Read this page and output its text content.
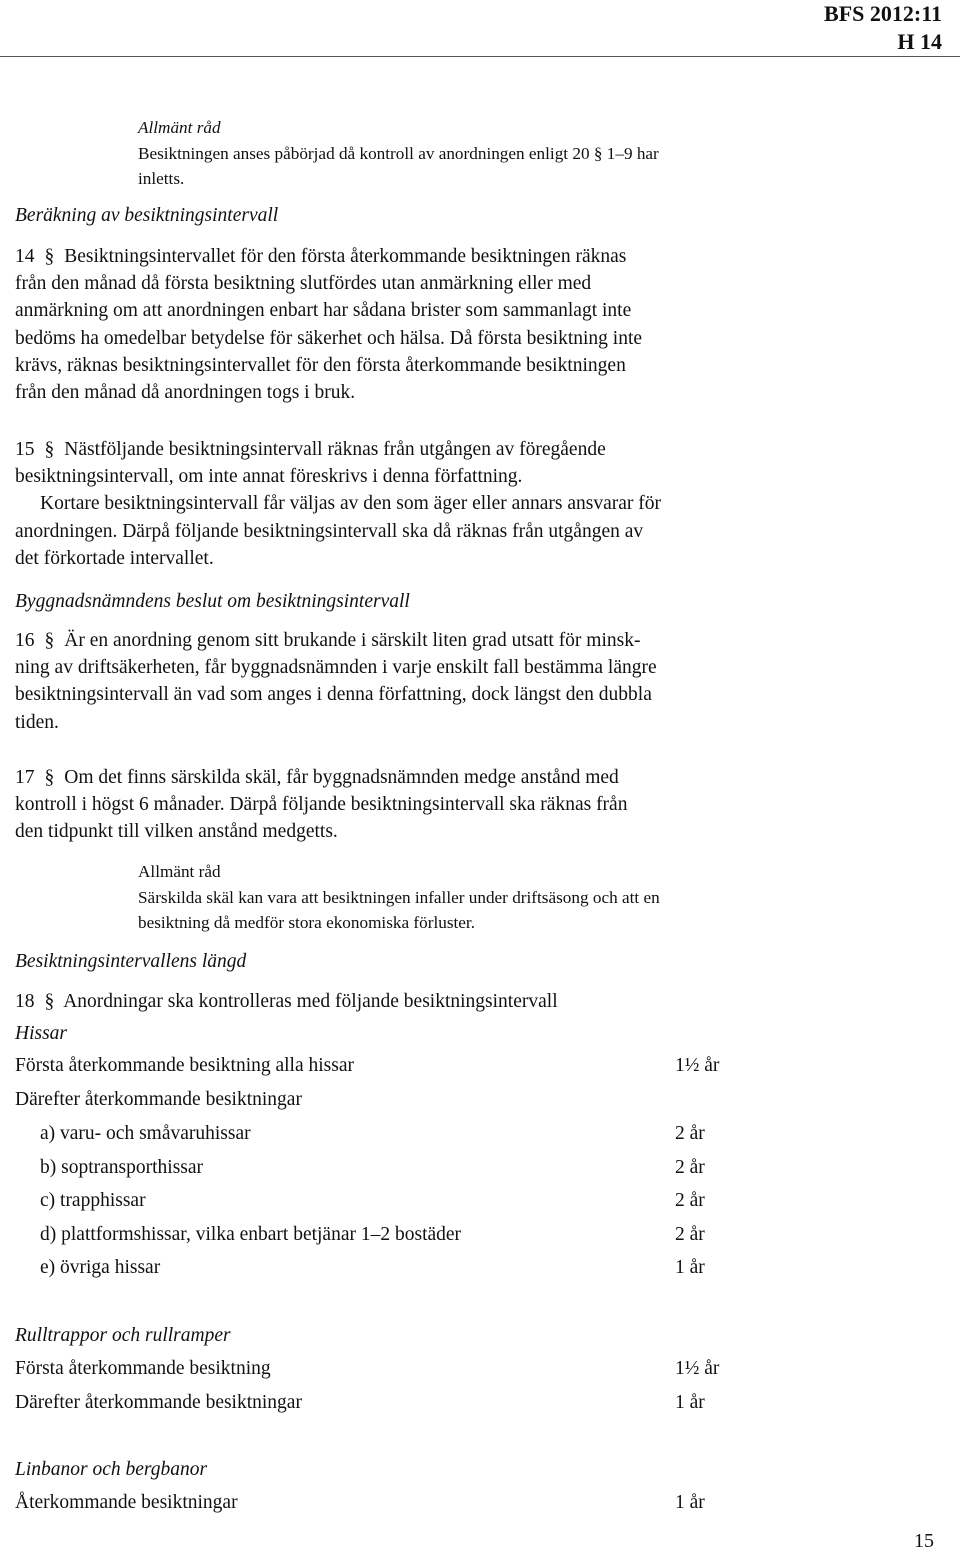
BFS 2012:11
H 14
Allmänt råd
Besiktningen anses påbörjad då kontroll av anordningen enligt 20 § 1–9 har
inletts.
Beräkning av besiktningsintervall
14 § Besiktningsintervallet för den första återkommande besiktningen räknas
från den månad då första besiktning slutfördes utan anmärkning eller med
anmärkning om att anordningen enbart har sådana brister som sammanlagt inte
bedöms ha omedelbar betydelse för säkerhet och hälsa. Då första besiktning inte
krävs, räknas besiktningsintervallet för den första återkommande besiktningen
från den månad då anordningen togs i bruk.
15 § Nästföljande besiktningsintervall räknas från utgången av föregående
besiktningsintervall, om inte annat föreskrivs i denna författning.
Kortare besiktningsintervall får väljas av den som äger eller annars ansvarar för
anordningen. Därpå följande besiktningsintervall ska då räknas från utgången av
det förkortade intervallet.
Byggnadsnämndens beslut om besiktningsintervall
16 § Är en anordning genom sitt brukande i särskilt liten grad utsatt för minsk-
ning av driftsäkerheten, får byggnadsnämnden i varje enskilt fall bestämma längre
besiktningsintervall än vad som anges i denna författning, dock längst den dubbla
tiden.
17 § Om det finns särskilda skäl, får byggnadsnämnden medge anstånd med
kontroll i högst 6 månader. Därpå följande besiktningsintervall ska räknas från
den tidpunkt till vilken anstånd medgetts.
Allmänt råd
Särskilda skäl kan vara att besiktningen infaller under driftsäsong och att en
besiktning då medför stora ekonomiska förluster.
Besiktningsintervallens längd
18 § Anordningar ska kontrolleras med följande besiktningsintervall
Hissar
Första återkommande besiktning alla hissar	1½ år
Därefter återkommande besiktningar
a) varu- och småvaruhissar	2 år
b) soptransporthissar	2 år
c) trapphissar	2 år
d) plattformshissar, vilka enbart betjänar 1–2 bostäder	2 år
e) övriga hissar	1 år
Rulltrappor och rullramper
Första återkommande besiktning	1½ år
Därefter återkommande besiktningar	1 år
Linbanor och bergbanor
Återkommande besiktningar	1 år
15
